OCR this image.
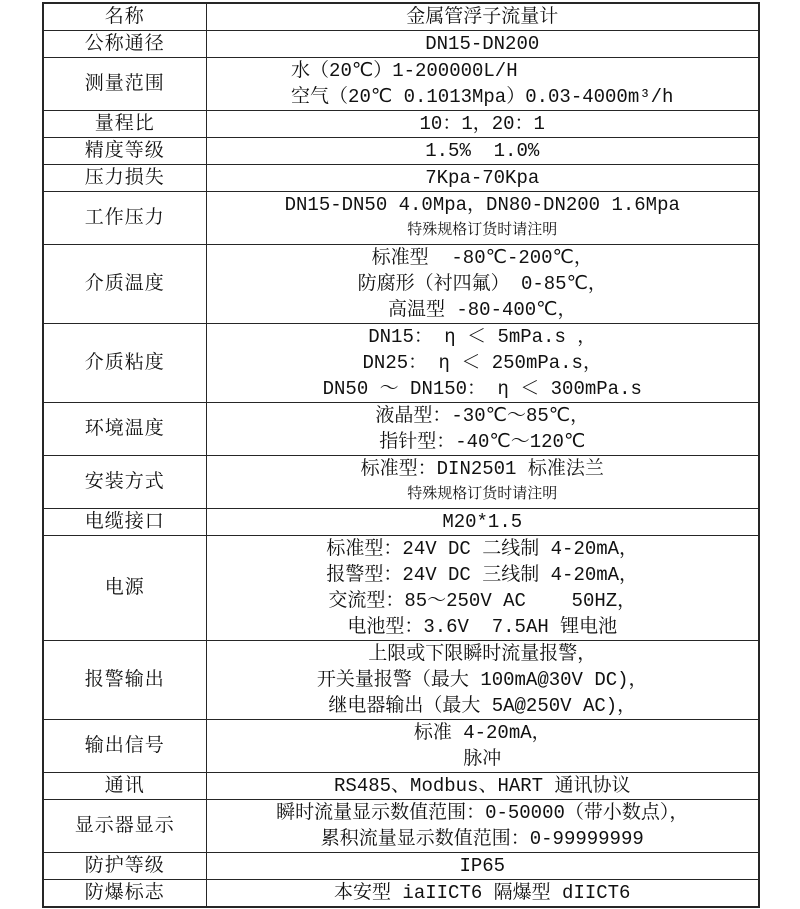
名称	金属管浮子流量计

公称通径	DN15-DN200

测量范围	水（20℃）1-200000L/H
空气（20℃ 0.1013Mpa）0.03-4000m³/h

量程比	10：1，20：1

精度等级	1.5%  1.0%

压力损失	7Kpa-70Kpa

工作压力	DN15-DN50 4.0Mpa，DN80-DN200 1.6Mpa
特殊规格订货时请注明

介质温度	标准型  -80℃-200℃，
防腐形（衬四氟） 0-85℃，
高温型 -80-400℃，

介质粘度	DN15： η ＜ 5mPa.s ，
DN25： η ＜ 250mPa.s，
DN50 ～ DN150： η ＜ 300mPa.s

环境温度	液晶型：-30℃～85℃，
指针型：-40℃～120℃

安装方式	标准型：DIN2501 标准法兰
特殊规格订货时请注明

电缆接口	M20*1.5

电源	标准型：24V DC 二线制 4-20mA，
报警型：24V DC 三线制 4-20mA，
交流型：85～250V AC    50HZ，
电池型：3.6V  7.5AH 锂电池

报警输出	上限或下限瞬时流量报警，
开关量报警（最大 100mA@30V DC)，
继电器输出（最大 5A@250V AC)，

输出信号	标准 4-20mA，
脉冲

通讯	RS485、Modbus、HART 通讯协议

显示器显示	瞬时流量显示数值范围：0-50000（带小数点），
累积流量显示数值范围：0-99999999

防护等级	IP65

防爆标志	本安型 iaIICT6 隔爆型 dIICT6
